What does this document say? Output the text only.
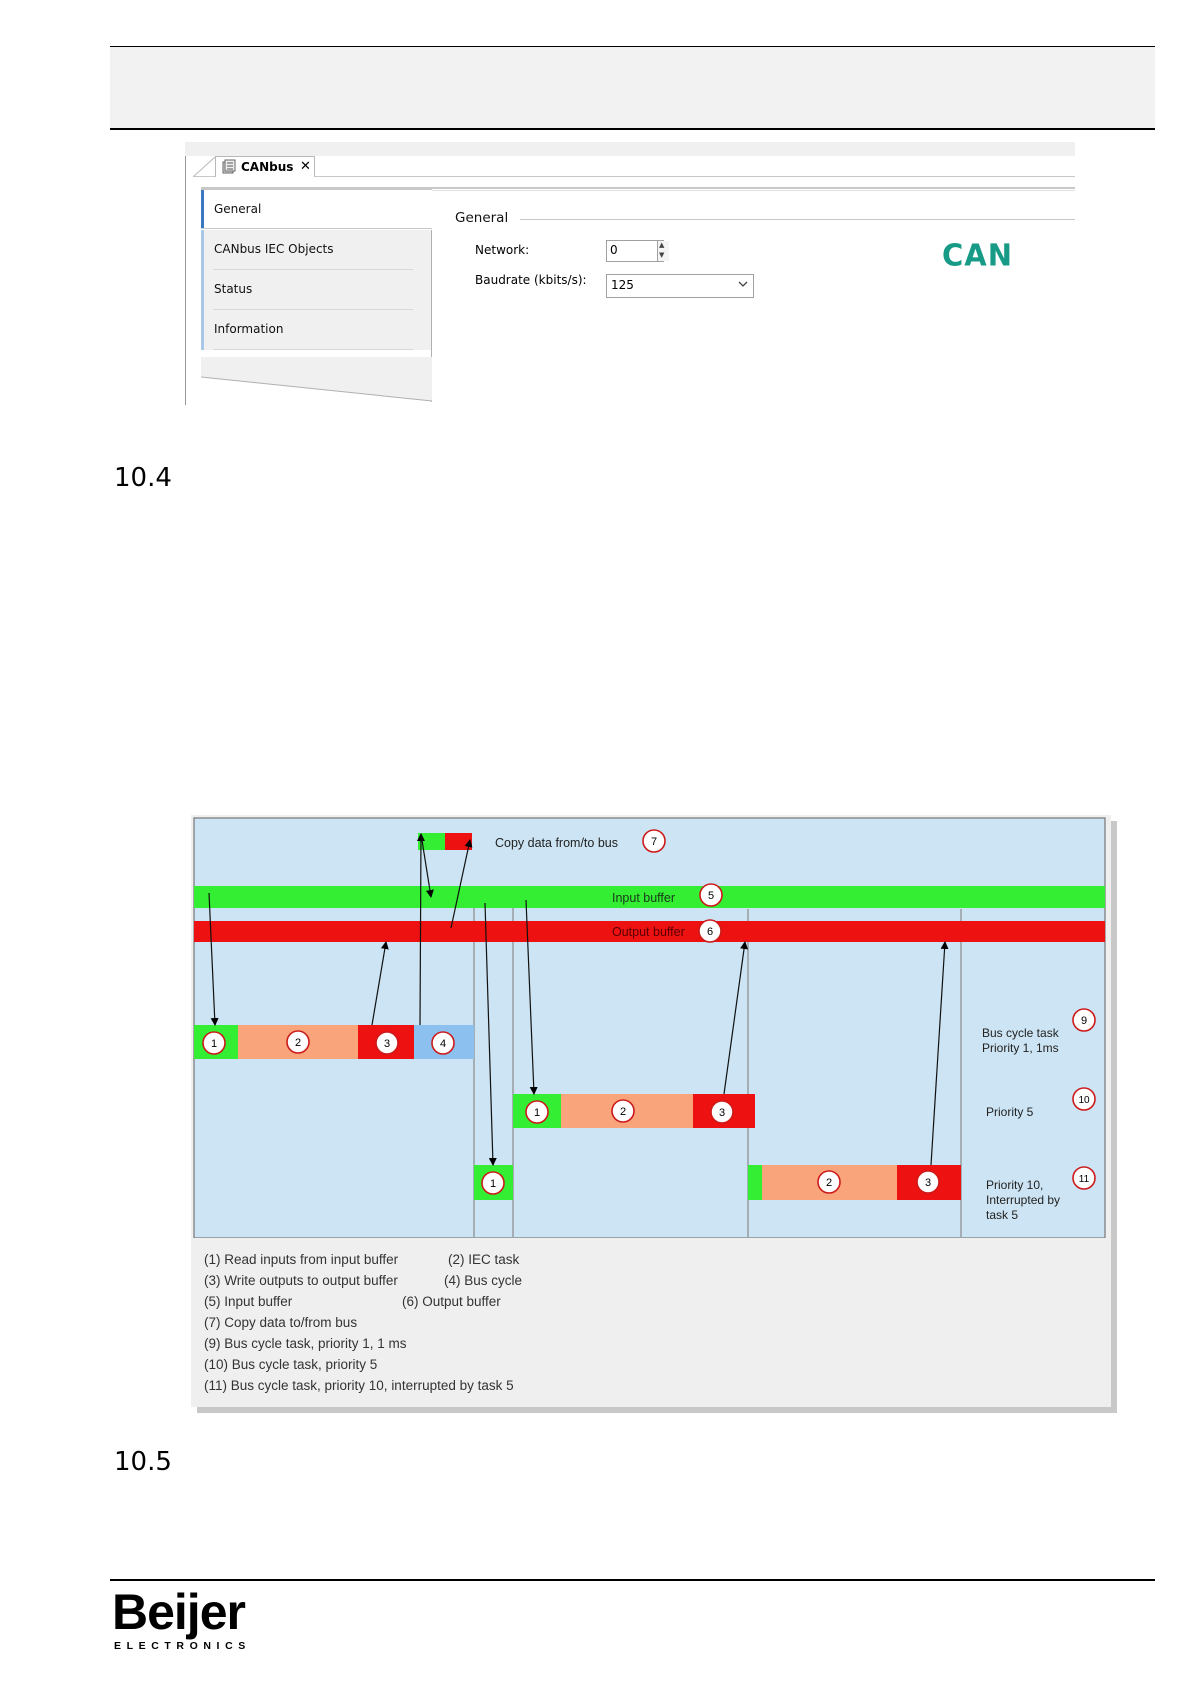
CANbus ✕
General
CANbus IEC Objects
Status
Information
General
Network:	0	▲
▼
Baudrate (kbits/s):	125
CAN
10.4
Input buffer
Output buffer
Copy data from/to bus
1	2	3	4
1	2	3
1	2	3
7
5
6
9
Bus cycle task
Priority 1, 1ms
10
Priority 5
11
Priority 10,
Interrupted by
task 5
(1) Read inputs from input buffer	(2) IEC task
(3) Write outputs to output buffer	(4) Bus cycle
(5) Input buffer	(6) Output buffer
(7) Copy data to/from bus
(9) Bus cycle task, priority 1, 1 ms
(10) Bus cycle task, priority 5
(11) Bus cycle task, priority 10, interrupted by task 5
10.5
Beijer
ELECTRONICS
